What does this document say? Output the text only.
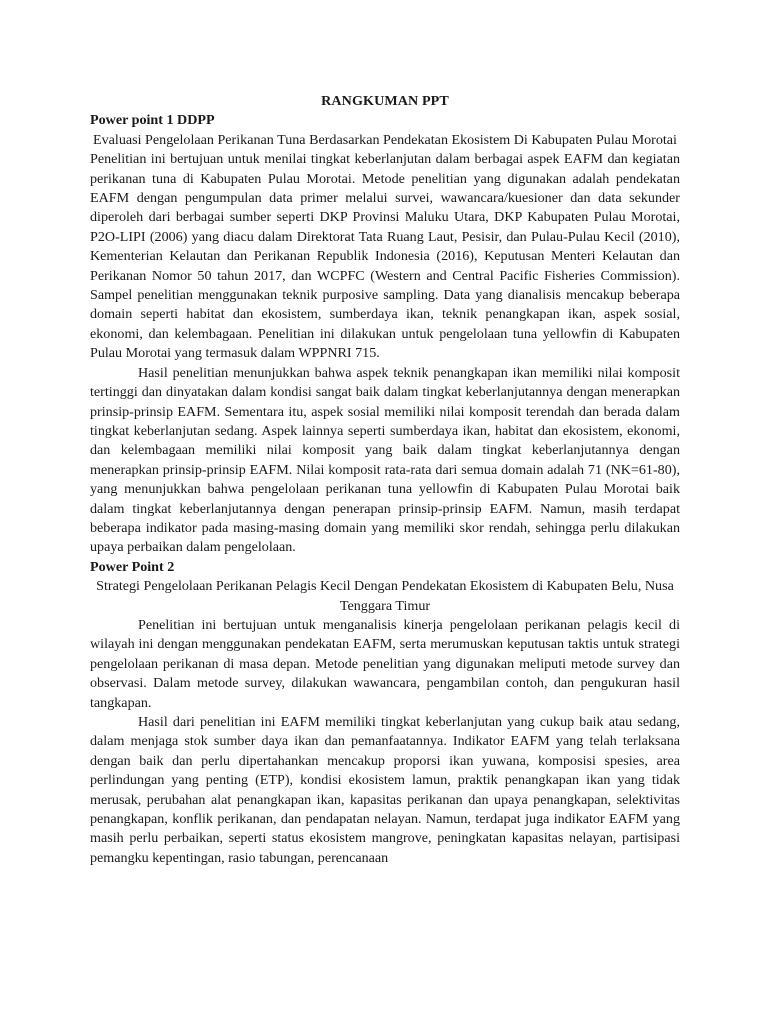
RANGKUMAN PPT

Power point 1 DDPP

Evaluasi Pengelolaan Perikanan Tuna Berdasarkan Pendekatan Ekosistem Di Kabupaten Pulau Morotai

Penelitian ini bertujuan untuk menilai tingkat keberlanjutan dalam berbagai aspek EAFM dan kegiatan perikanan tuna di Kabupaten Pulau Morotai. Metode penelitian yang digunakan adalah pendekatan EAFM dengan pengumpulan data primer melalui survei, wawancara/kuesioner dan data sekunder diperoleh dari berbagai sumber seperti DKP Provinsi Maluku Utara, DKP Kabupaten Pulau Morotai, P2O-LIPI (2006) yang diacu dalam Direktorat Tata Ruang Laut, Pesisir, dan Pulau-Pulau Kecil (2010), Kementerian Kelautan dan Perikanan Republik Indonesia (2016), Keputusan Menteri Kelautan dan Perikanan Nomor 50 tahun 2017, dan WCPFC (Western and Central Pacific Fisheries Commission). Sampel penelitian menggunakan teknik purposive sampling. Data yang dianalisis mencakup beberapa domain seperti habitat dan ekosistem, sumberdaya ikan, teknik penangkapan ikan, aspek sosial, ekonomi, dan kelembagaan. Penelitian ini dilakukan untuk pengelolaan tuna yellowfin di Kabupaten Pulau Morotai yang termasuk dalam WPPNRI 715.

Hasil penelitian menunjukkan bahwa aspek teknik penangkapan ikan memiliki nilai komposit tertinggi dan dinyatakan dalam kondisi sangat baik dalam tingkat keberlanjutannya dengan menerapkan prinsip-prinsip EAFM. Sementara itu, aspek sosial memiliki nilai komposit terendah dan berada dalam tingkat keberlanjutan sedang. Aspek lainnya seperti sumberdaya ikan, habitat dan ekosistem, ekonomi, dan kelembagaan memiliki nilai komposit yang baik dalam tingkat keberlanjutannya dengan menerapkan prinsip-prinsip EAFM. Nilai komposit rata-rata dari semua domain adalah 71 (NK=61-80), yang menunjukkan bahwa pengelolaan perikanan tuna yellowfin di Kabupaten Pulau Morotai baik dalam tingkat keberlanjutannya dengan penerapan prinsip-prinsip EAFM. Namun, masih terdapat beberapa indikator pada masing-masing domain yang memiliki skor rendah, sehingga perlu dilakukan upaya perbaikan dalam pengelolaan.

Power Point 2

Strategi Pengelolaan Perikanan Pelagis Kecil Dengan Pendekatan Ekosistem di Kabupaten Belu, Nusa Tenggara Timur

Penelitian ini bertujuan untuk menganalisis kinerja pengelolaan perikanan pelagis kecil di wilayah ini dengan menggunakan pendekatan EAFM, serta merumuskan keputusan taktis untuk strategi pengelolaan perikanan di masa depan. Metode penelitian yang digunakan meliputi metode survey dan observasi. Dalam metode survey, dilakukan wawancara, pengambilan contoh, dan pengukuran hasil tangkapan.

Hasil dari penelitian ini EAFM memiliki tingkat keberlanjutan yang cukup baik atau sedang, dalam menjaga stok sumber daya ikan dan pemanfaatannya. Indikator EAFM yang telah terlaksana dengan baik dan perlu dipertahankan mencakup proporsi ikan yuwana, komposisi spesies, area perlindungan yang penting (ETP), kondisi ekosistem lamun, praktik penangkapan ikan yang tidak merusak, perubahan alat penangkapan ikan, kapasitas perikanan dan upaya penangkapan, selektivitas penangkapan, konflik perikanan, dan pendapatan nelayan. Namun, terdapat juga indikator EAFM yang masih perlu perbaikan, seperti status ekosistem mangrove, peningkatan kapasitas nelayan, partisipasi pemangku kepentingan, rasio tabungan, perencanaan
